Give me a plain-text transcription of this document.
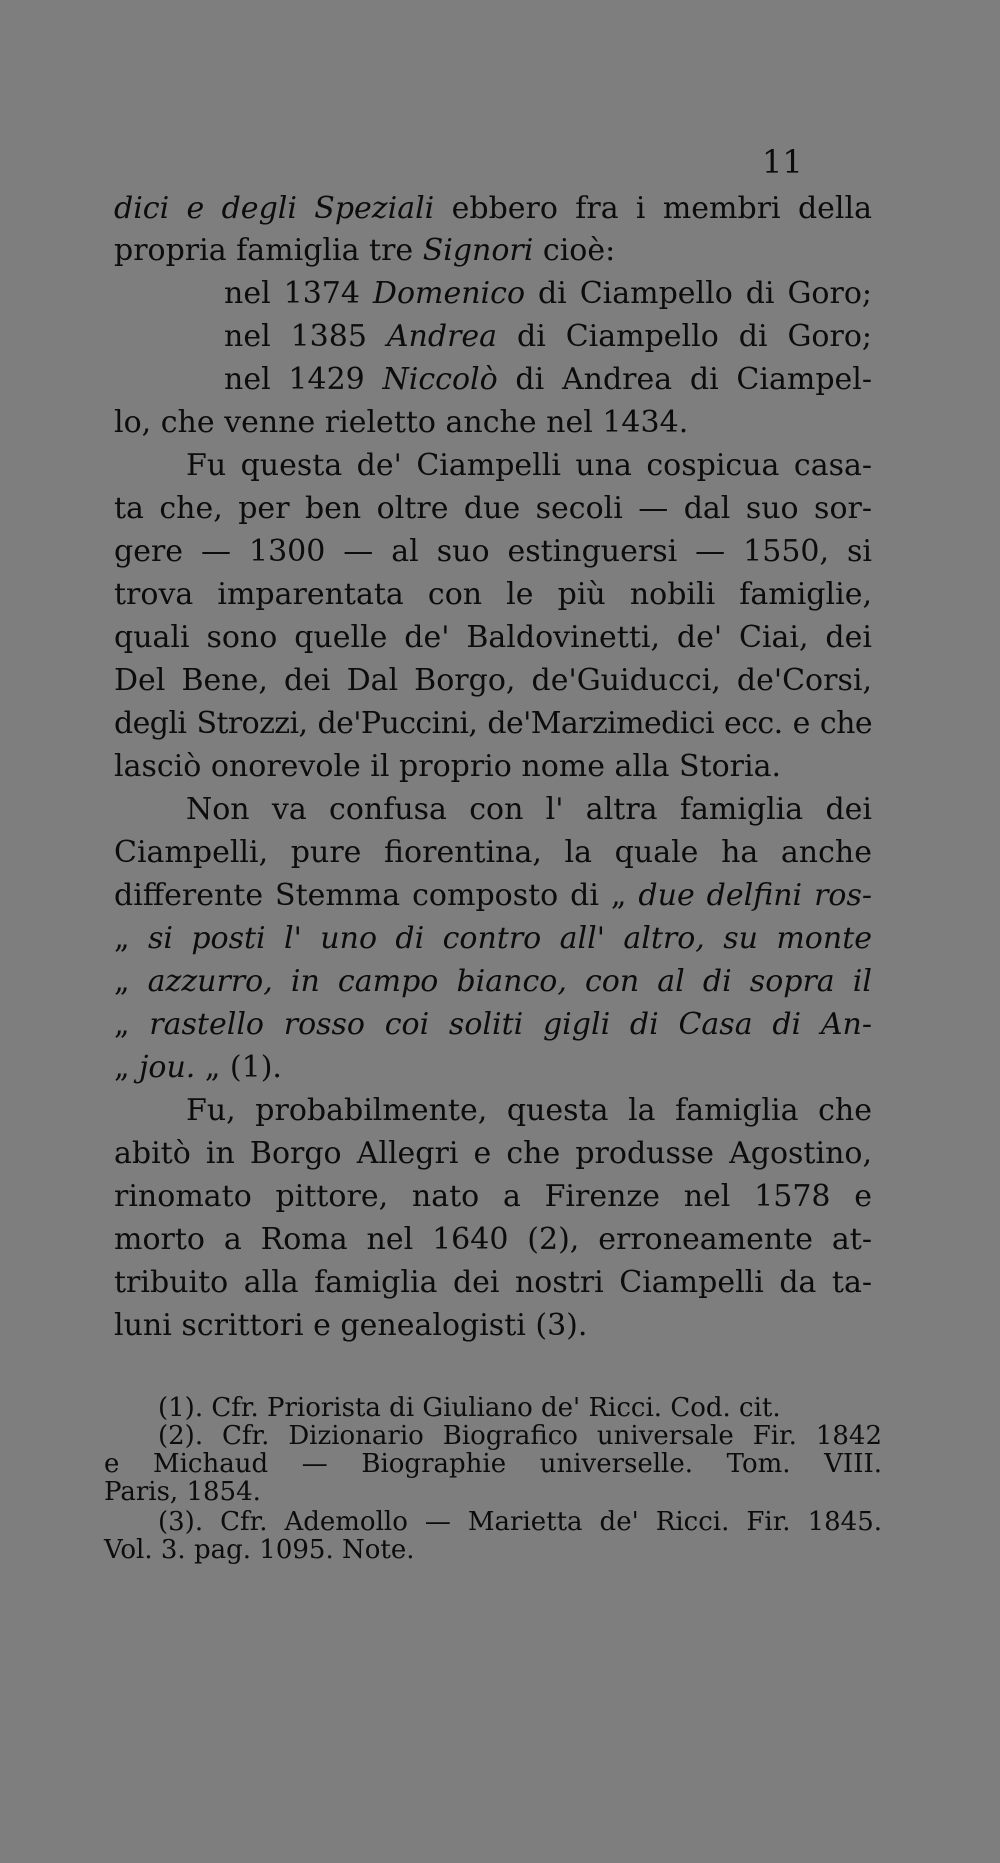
11
dici e degli Speziali ebbero fra i membri della
propria famiglia tre Signori cioè:
nel 1374 Domenico di Ciampello di Goro;
nel 1385 Andrea di Ciampello di Goro;
nel 1429 Niccolò di Andrea di Ciampel-
lo, che venne rieletto anche nel 1434.
Fu questa de' Ciampelli una cospicua casa-
ta che, per ben oltre due secoli — dal suo sor-
gere — 1300 — al suo estinguersi — 1550, si
trova imparentata con le più nobili famiglie,
quali sono quelle de' Baldovinetti, de' Ciai, dei
Del Bene, dei Dal Borgo, de'Guiducci, de'Corsi,
degli Strozzi, de'Puccini, de'Marzimedici ecc. e che
lasciò onorevole il proprio nome alla Storia.
Non va confusa con l' altra famiglia dei
Ciampelli, pure fiorentina, la quale ha anche
differente Stemma composto di „ due delfini ros-
„ si posti l' uno di contro all' altro, su monte
„ azzurro, in campo bianco, con al di sopra il
„ rastello rosso coi soliti gigli di Casa di An-
„ jou. „ (1).
Fu, probabilmente, questa la famiglia che
abitò in Borgo Allegri e che produsse Agostino,
rinomato pittore, nato a Firenze nel 1578 e
morto a Roma nel 1640 (2), erroneamente at-
tribuito alla famiglia dei nostri Ciampelli da ta-
luni scrittori e genealogisti (3).
(1). Cfr. Priorista di Giuliano de' Ricci. Cod. cit.
(2). Cfr. Dizionario Biografico universale Fir. 1842
e Michaud — Biographie universelle. Tom. VIII.
Paris, 1854.
(3). Cfr. Ademollo — Marietta de' Ricci. Fir. 1845.
Vol. 3. pag. 1095. Note.
